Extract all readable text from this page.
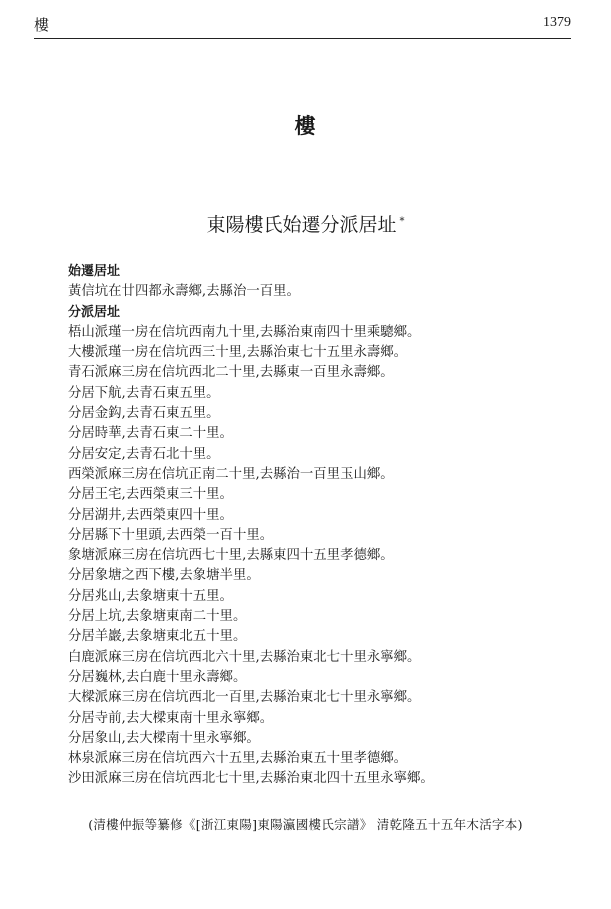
樓	1379
樓
東陽樓氏始遷分派居址 *
始遷居址
黃信坑在廿四都永壽鄉,去縣治一百里。
分派居址
梧山派瑾一房在信坑西南九十里,去縣治東南四十里乘驄鄉。
大樓派瑾一房在信坑西三十里,去縣治東七十五里永壽鄉。
青石派麻三房在信坑西北二十里,去縣東一百里永壽鄉。
分居下航,去青石東五里。
分居金鈎,去青石東五里。
分居時華,去青石東二十里。
分居安定,去青石北十里。
西榮派麻三房在信坑正南二十里,去縣治一百里玉山鄉。
分居王宅,去西榮東三十里。
分居湖井,去西榮東四十里。
分居縣下十里頭,去西榮一百十里。
象塘派麻三房在信坑西七十里,去縣東四十五里孝德鄉。
分居象塘之西下樓,去象塘半里。
分居兆山,去象塘東十五里。
分居上坑,去象塘東南二十里。
分居羊巖,去象塘東北五十里。
白鹿派麻三房在信坑西北六十里,去縣治東北七十里永寧鄉。
分居巍林,去白鹿十里永壽鄉。
大樑派麻三房在信坑西北一百里,去縣治東北七十里永寧鄉。
分居寺前,去大樑東南十里永寧鄉。
分居象山,去大樑南十里永寧鄉。
林泉派麻三房在信坑西六十五里,去縣治東五十里孝德鄉。
沙田派麻三房在信坑西北七十里,去縣治東北四十五里永寧鄉。
(清樓仲振等纂修《[浙江東陽]東陽瀛國樓氏宗譜》 清乾隆五十五年木活字本)
